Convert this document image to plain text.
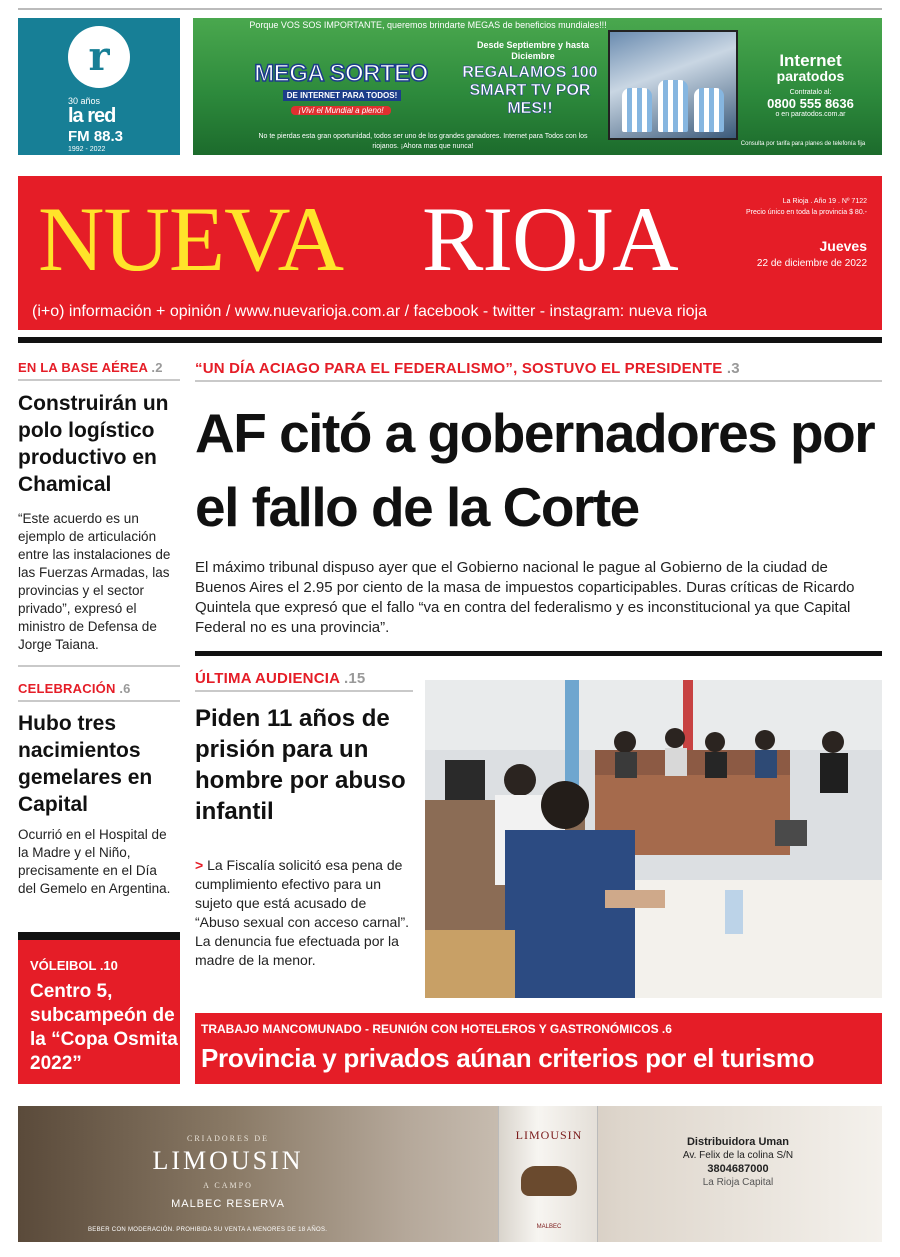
r
30 años
la red
FM 88.3
1992 - 2022
Porque VOS SOS IMPORTANTE, queremos brindarte MEGAS de beneficios mundiales!!!
MEGA SORTEO
DE INTERNET PARA TODOS!
¡Viví el Mundial a pleno!
Desde Septiembre y hasta Diciembre
REGALAMOS 100 SMART TV POR MES!!
No te pierdas esta gran oportunidad, todos ser uno de los grandes ganadores. Internet para Todos con los riojanos. ¡Ahora mas que nunca!
Internet
paratodos
Contratalo al:
0800 555 8636
o en paratodos.com.ar
Consulta por tarifa para planes de telefonía fija
NUEVA RIOJA	La Rioja . Año 19 . Nº 7122
Precio único en toda la provincia $ 80.-
Jueves
22 de diciembre de 2022
(i+o) información + opinión / www.nuevarioja.com.ar / facebook - twitter - instagram: nueva rioja
EN LA BASE AÉREA .2
Construirán un polo logístico productivo en Chamical
“Este acuerdo es un ejemplo de articulación entre las instalaciones de las Fuerzas Armadas, las provincias y el sector privado”, expresó el ministro de Defensa de Jorge Taiana.
CELEBRACIÓN .6
Hubo tres nacimientos gemelares en Capital
Ocurrió en el Hospital de la Madre y el Niño, precisamente en el Día del Gemelo en Argentina.
VÓLEIBOL .10
Centro 5, subcampeón de la “Copa Osmita 2022”
“UN DÍA ACIAGO PARA EL FEDERALISMO”, SOSTUVO EL PRESIDENTE .3
AF citó a gobernadores por el fallo de la Corte
El máximo tribunal dispuso ayer que el Gobierno nacional le pague al Gobierno de la ciudad de Buenos Aires el 2.95 por ciento de la masa de impuestos coparticipables. Duras críticas de Ricardo Quintela que expresó que el fallo “va en contra del federalismo y es inconstitucional ya que Capital Federal no es una provincia”.
ÚLTIMA AUDIENCIA .15
Piden 11 años de prisión para un hombre por abuso infantil
> La Fiscalía solicitó esa pena de cumplimiento efectivo para un sujeto que está acusado de “Abuso sexual con acceso carnal”. La denuncia fue efectuada por la madre de la menor.
TRABAJO MANCOMUNADO - REUNIÓN CON HOTELEROS Y GASTRONÓMICOS .6
Provincia y privados aúnan criterios por el turismo
CRIADORES DE
LIMOUSIN
A CAMPO
MALBEC RESERVA
BEBER CON MODERACIÓN. PROHIBIDA SU VENTA A MENORES DE 18 AÑOS.
LIMOUSIN
MALBEC
Distribuidora Uman
Av. Felix de la colina S/N
3804687000
La Rioja Capital
